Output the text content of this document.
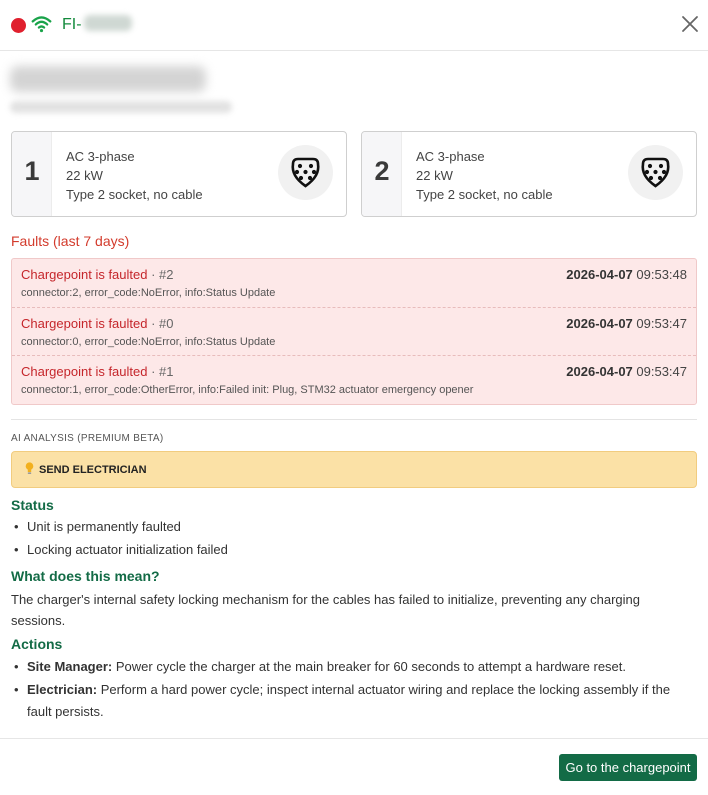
FI-
1	AC 3-phase
22 kW
Type 2 socket, no cable
2	AC 3-phase
22 kW
Type 2 socket, no cable
Faults (last 7 days)
Chargepoint is faulted · #2	2026-04-07 09:53:48
connector:2, error_code:NoError, info:Status Update
Chargepoint is faulted · #0	2026-04-07 09:53:47
connector:0, error_code:NoError, info:Status Update
Chargepoint is faulted · #1	2026-04-07 09:53:47
connector:1, error_code:OtherError, info:Failed init: Plug, STM32 actuator emergency opener
AI ANALYSIS (PREMIUM BETA)
SEND ELECTRICIAN
Status
• Unit is permanently faulted
• Locking actuator initialization failed
What does this mean?
The charger's internal safety locking mechanism for the cables has failed to initialize, preventing any charging sessions.
Actions
• Site Manager: Power cycle the charger at the main breaker for 60 seconds to attempt a hardware reset.
• Electrician: Perform a hard power cycle; inspect internal actuator wiring and replace the locking assembly if the fault persists.
Go to the chargepoint
